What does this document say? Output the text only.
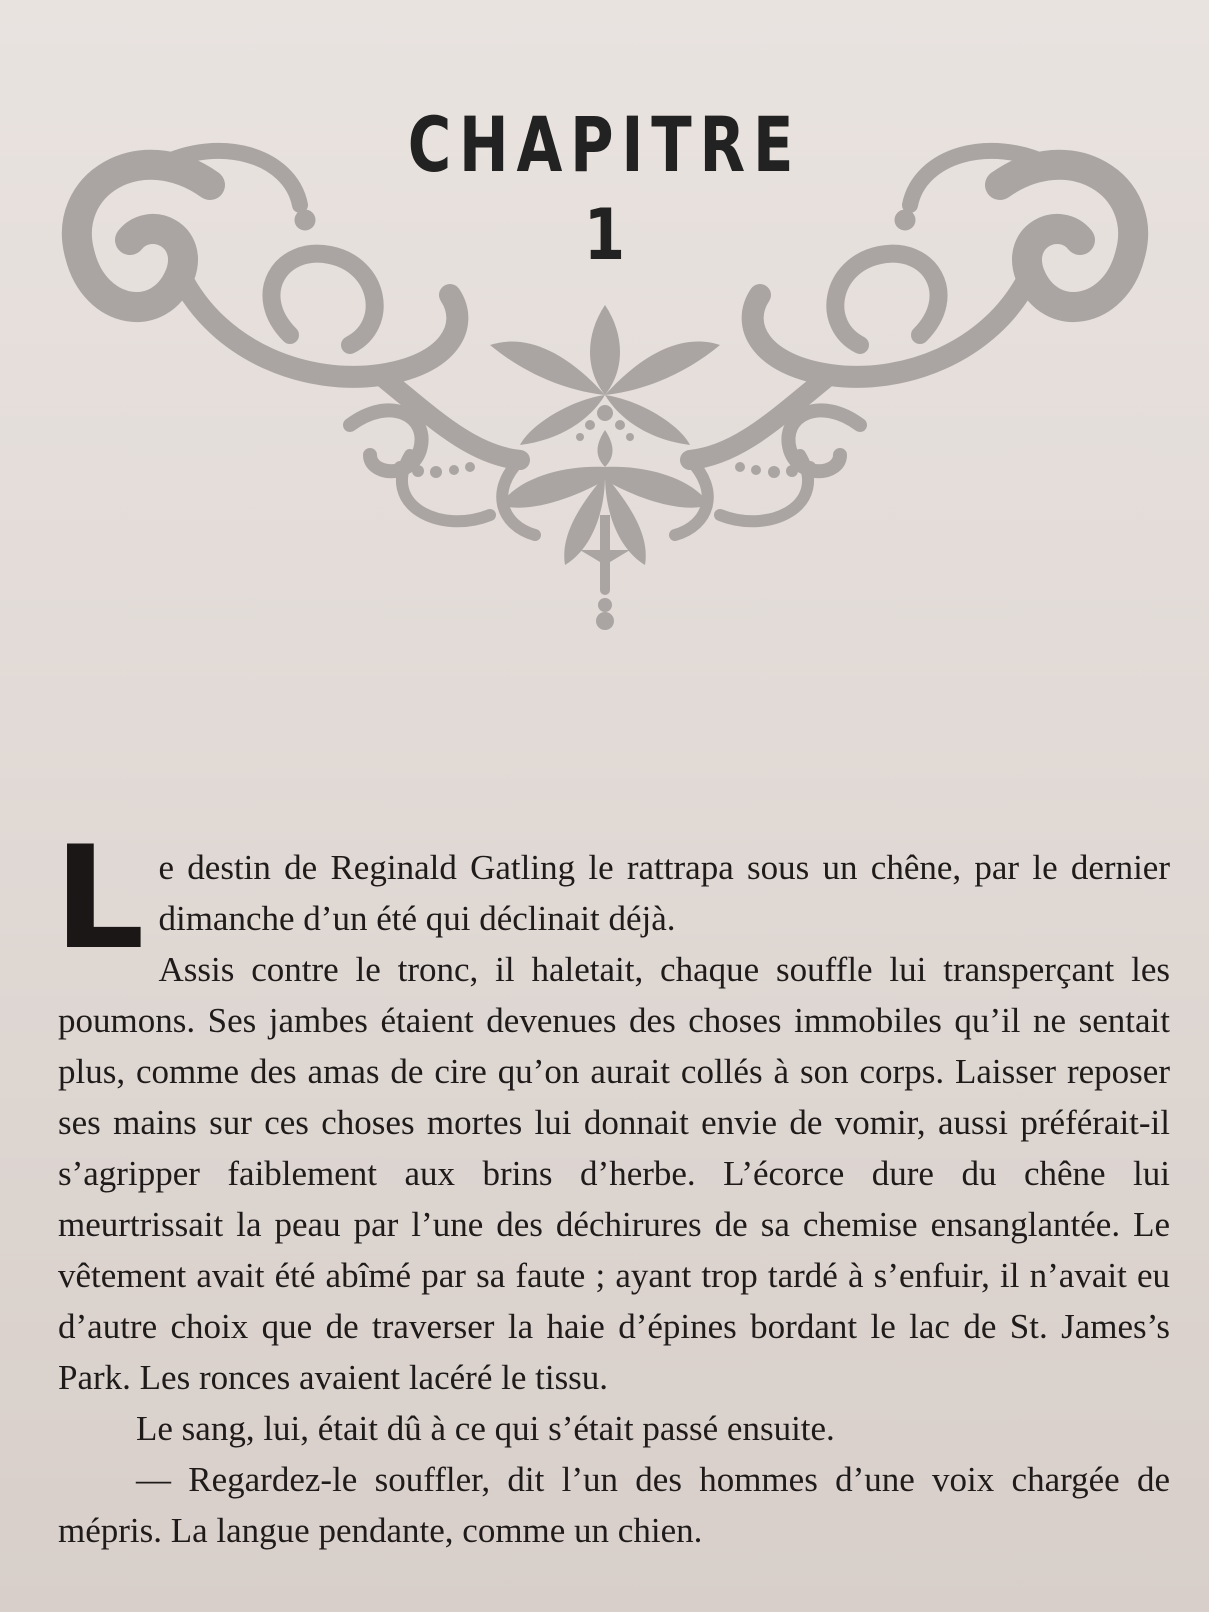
CHAPITRE
1

Le destin de Reginald Gatling le rattrapa sous un chêne, par le dernier dimanche d’un été qui déclinait déjà.

Assis contre le tronc, il haletait, chaque souffle lui transperçant les poumons. Ses jambes étaient devenues des choses immobiles qu’il ne sentait plus, comme des amas de cire qu’on aurait collés à son corps. Laisser reposer ses mains sur ces choses mortes lui donnait envie de vomir, aussi préférait-il s’agripper faiblement aux brins d’herbe. L’écorce dure du chêne lui meurtrissait la peau par l’une des déchirures de sa chemise ensanglantée. Le vêtement avait été abîmé par sa faute ; ayant trop tardé à s’enfuir, il n’avait eu d’autre choix que de traverser la haie d’épines bordant le lac de St. James’s Park. Les ronces avaient lacéré le tissu.

Le sang, lui, était dû à ce qui s’était passé ensuite.

— Regardez-le souffler, dit l’un des hommes d’une voix chargée de mépris. La langue pendante, comme un chien.
